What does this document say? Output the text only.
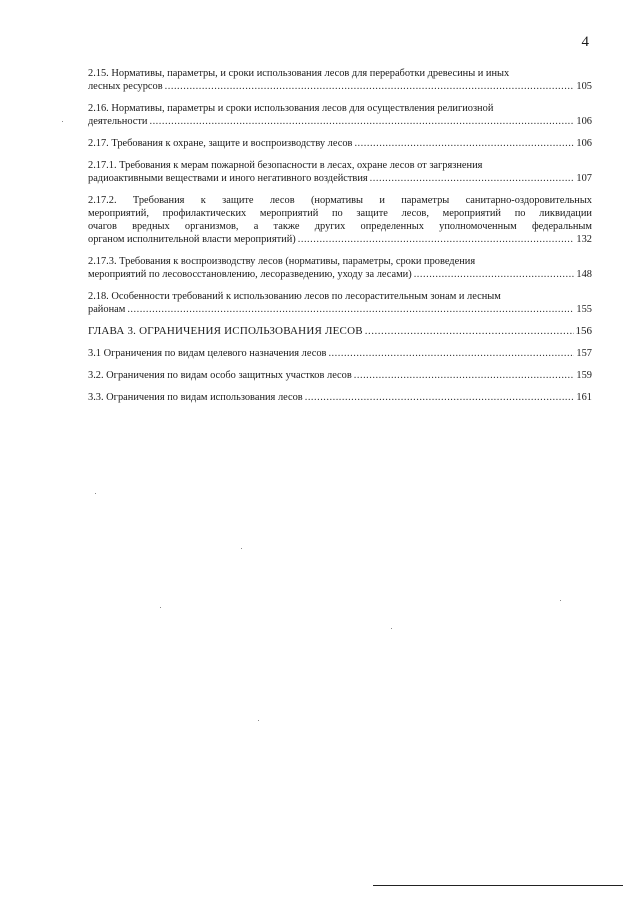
4
2.15. Нормативы, параметры, и сроки использования лесов для переработки древесины и иных
лесных ресурсов .....	105
2.16. Нормативы, параметры и сроки использования лесов для осуществления религиозной
деятельности .....	106
2.17. Требования к охране, защите и воспроизводству лесов .....	106
2.17.1. Требования к мерам пожарной безопасности в лесах, охране лесов от загрязнения
радиоактивными веществами и иного негативного воздействия .....	107
2.17.2. Требования к защите лесов (нормативы и параметры санитарно-оздоровительных
мероприятий, профилактических мероприятий по защите лесов, мероприятий по ликвидации
очагов вредных организмов, а также других определенных уполномоченным федеральным
органом исполнительной власти мероприятий) .....	132
2.17.3. Требования к воспроизводству лесов (нормативы, параметры, сроки проведения
мероприятий по лесовосстановлению, лесоразведению, уходу за лесами) .....	148
2.18. Особенности требований к использованию лесов по лесорастительным зонам и лесным
районам .....	155
ГЛАВА 3. ОГРАНИЧЕНИЯ ИСПОЛЬЗОВАНИЯ ЛЕСОВ .....	156
3.1 Ограничения по видам целевого назначения лесов .....	157
3.2. Ограничения по видам особо защитных участков лесов .....	159
3.3. Ограничения по видам использования лесов .....	161
